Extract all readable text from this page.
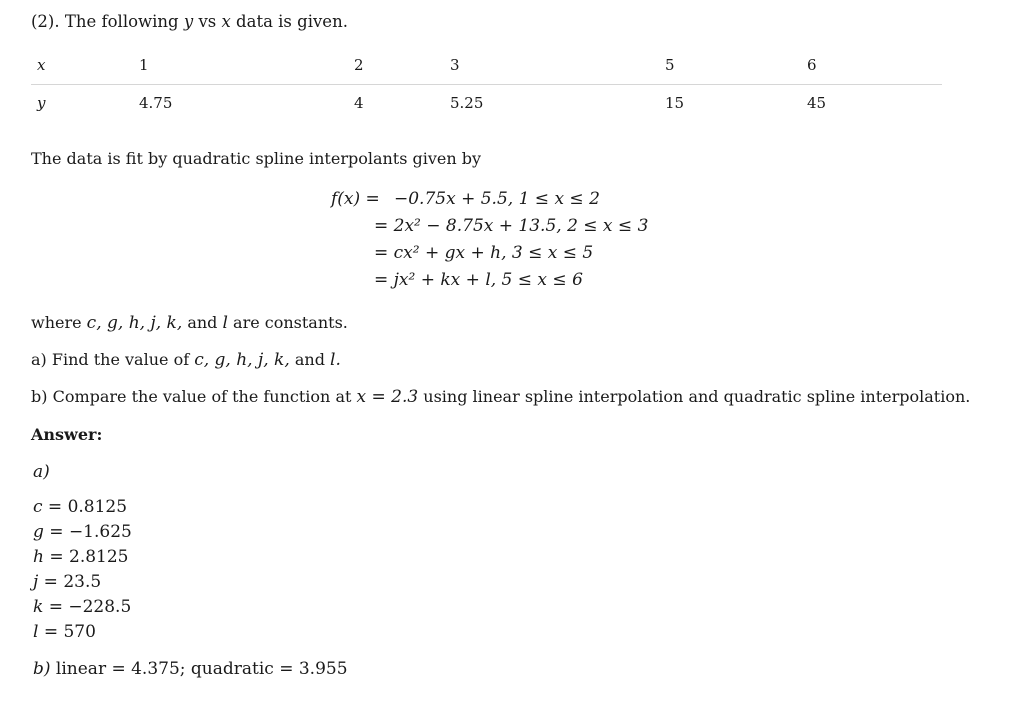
(2). The following y vs x data is given.
x	1	2	3	5	6
y	4.75	4	5.25	15	45
The data is fit by quadratic spline interpolants given by
f(x) = −0.75x + 5.5, 1 ≤ x ≤ 2
= 2x² − 8.75x + 13.5, 2 ≤ x ≤ 3
= cx² + gx + h, 3 ≤ x ≤ 5
= jx² + kx + l, 5 ≤ x ≤ 6
where c, g, h, j, k, and l are constants.
a) Find the value of c, g, h, j, k, and l.
b) Compare the value of the function at x = 2.3 using linear spline interpolation and quadratic spline interpolation.
Answer:
a)
c = 0.8125
g = −1.625
h = 2.8125
j = 23.5
k = −228.5
l = 570
b) linear = 4.375; quadratic = 3.955
